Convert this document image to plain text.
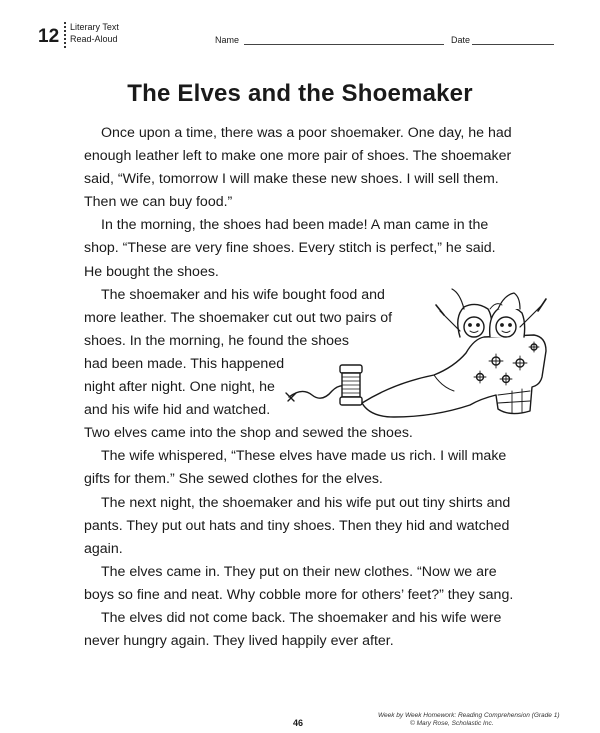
12 Literary Text
Read-Aloud	Name	Date
The Elves and the Shoemaker

Once upon a time, there was a poor shoemaker. One day, he had enough leather left to make one more pair of shoes. The shoemaker said, “Wife, tomorrow I will make these new shoes. I will sell them. Then we can buy food.”

In the morning, the shoes had been made! A man came in the shop. “These are very fine shoes. Every stitch is perfect,” he said. He bought the shoes.

The shoemaker and his wife bought food and more leather. The shoemaker cut out two pairs of shoes. In the morning, he found the shoes

had been made. This happened night after night. One night, he and his wife hid and watched.

Two elves came into the shop and sewed the shoes.

The wife whispered, “These elves have made us rich. I will make gifts for them.” She sewed clothes for the elves.

The next night, the shoemaker and his wife put out tiny shirts and pants. They put out hats and tiny shoes. Then they hid and watched again.

The elves came in. They put on their new clothes. “Now we are boys so fine and neat. Why cobble more for others’ feet?” they sang.

The elves did not come back. The shoemaker and his wife were never hungry again. They lived happily ever after.

Week by Week Homework: Reading Comprehension (Grade 1)
© Mary Rose, Scholastic Inc.
46
